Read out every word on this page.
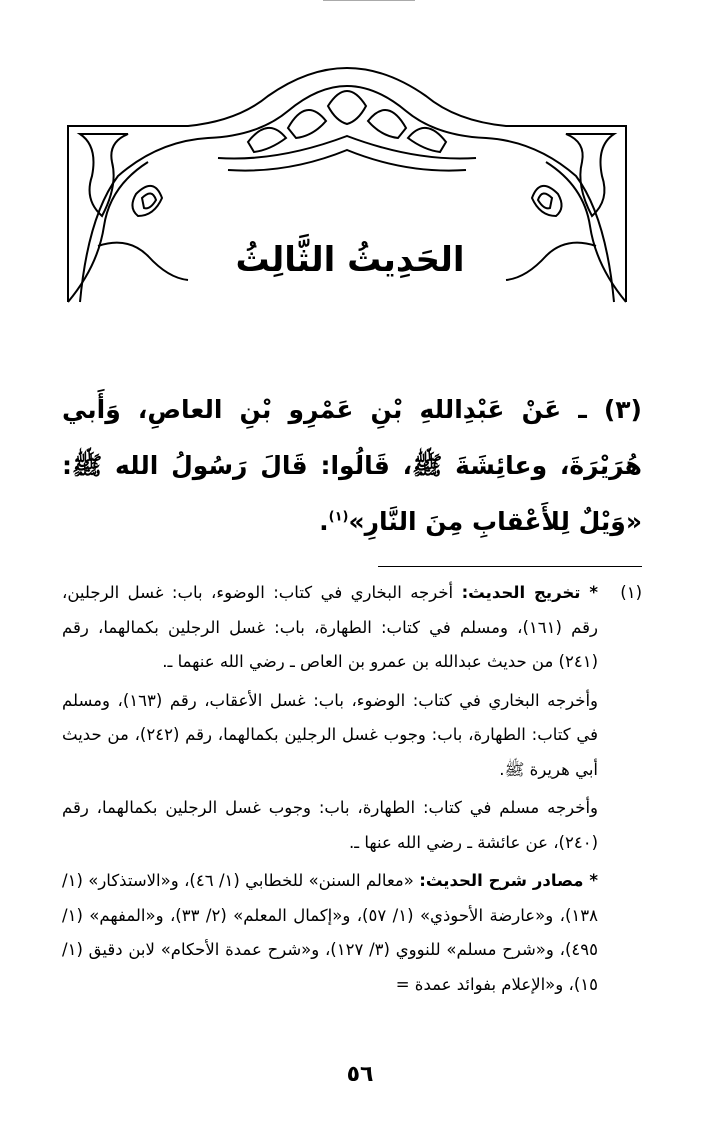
الحَدِيثُ الثَّالِثُ

(٣) ـ عَنْ عَبْدِاللهِ بْنِ عَمْرِو بْنِ العاصِ، وَأَبي هُرَيْرَةَ، وعائِشَةَ ﷺ، قَالُوا: قَالَ رَسُولُ الله ﷺ: «وَيْلٌ لِلأَعْقابِ مِنَ النَّارِ»$^{(١)}$.

(١)

* تخريج الحديث: أخرجه البخاري في كتاب: الوضوء، باب: غسل الرجلين، رقم (١٦١)، ومسلم في كتاب: الطهارة، باب: غسل الرجلين بكمالهما، رقم (٢٤١) من حديث عبدالله بن عمرو بن العاص ـ رضي الله عنهما ـ.

وأخرجه البخاري في كتاب: الوضوء، باب: غسل الأعقاب، رقم (١٦٣)، ومسلم في كتاب: الطهارة، باب: وجوب غسل الرجلين بكمالهما، رقم (٢٤٢)، من حديث أبي هريرة ﷺ.

وأخرجه مسلم في كتاب: الطهارة، باب: وجوب غسل الرجلين بكمالهما، رقم (٢٤٠)، عن عائشة ـ رضي الله عنها ـ.

* مصادر شرح الحديث: «معالم السنن» للخطابي (١/ ٤٦)، و«الاستذكار» (١/ ١٣٨)، و«عارضة الأحوذي» (١/ ٥٧)، و«إكمال المعلم» (٢/ ٣٣)، و«المفهم» (١/ ٤٩٥)، و«شرح مسلم» للنووي (٣/ ١٢٧)، و«شرح عمدة الأحكام» لابن دقيق (١/ ١٥)، و«الإعلام بفوائد عمدة =

٥٦
